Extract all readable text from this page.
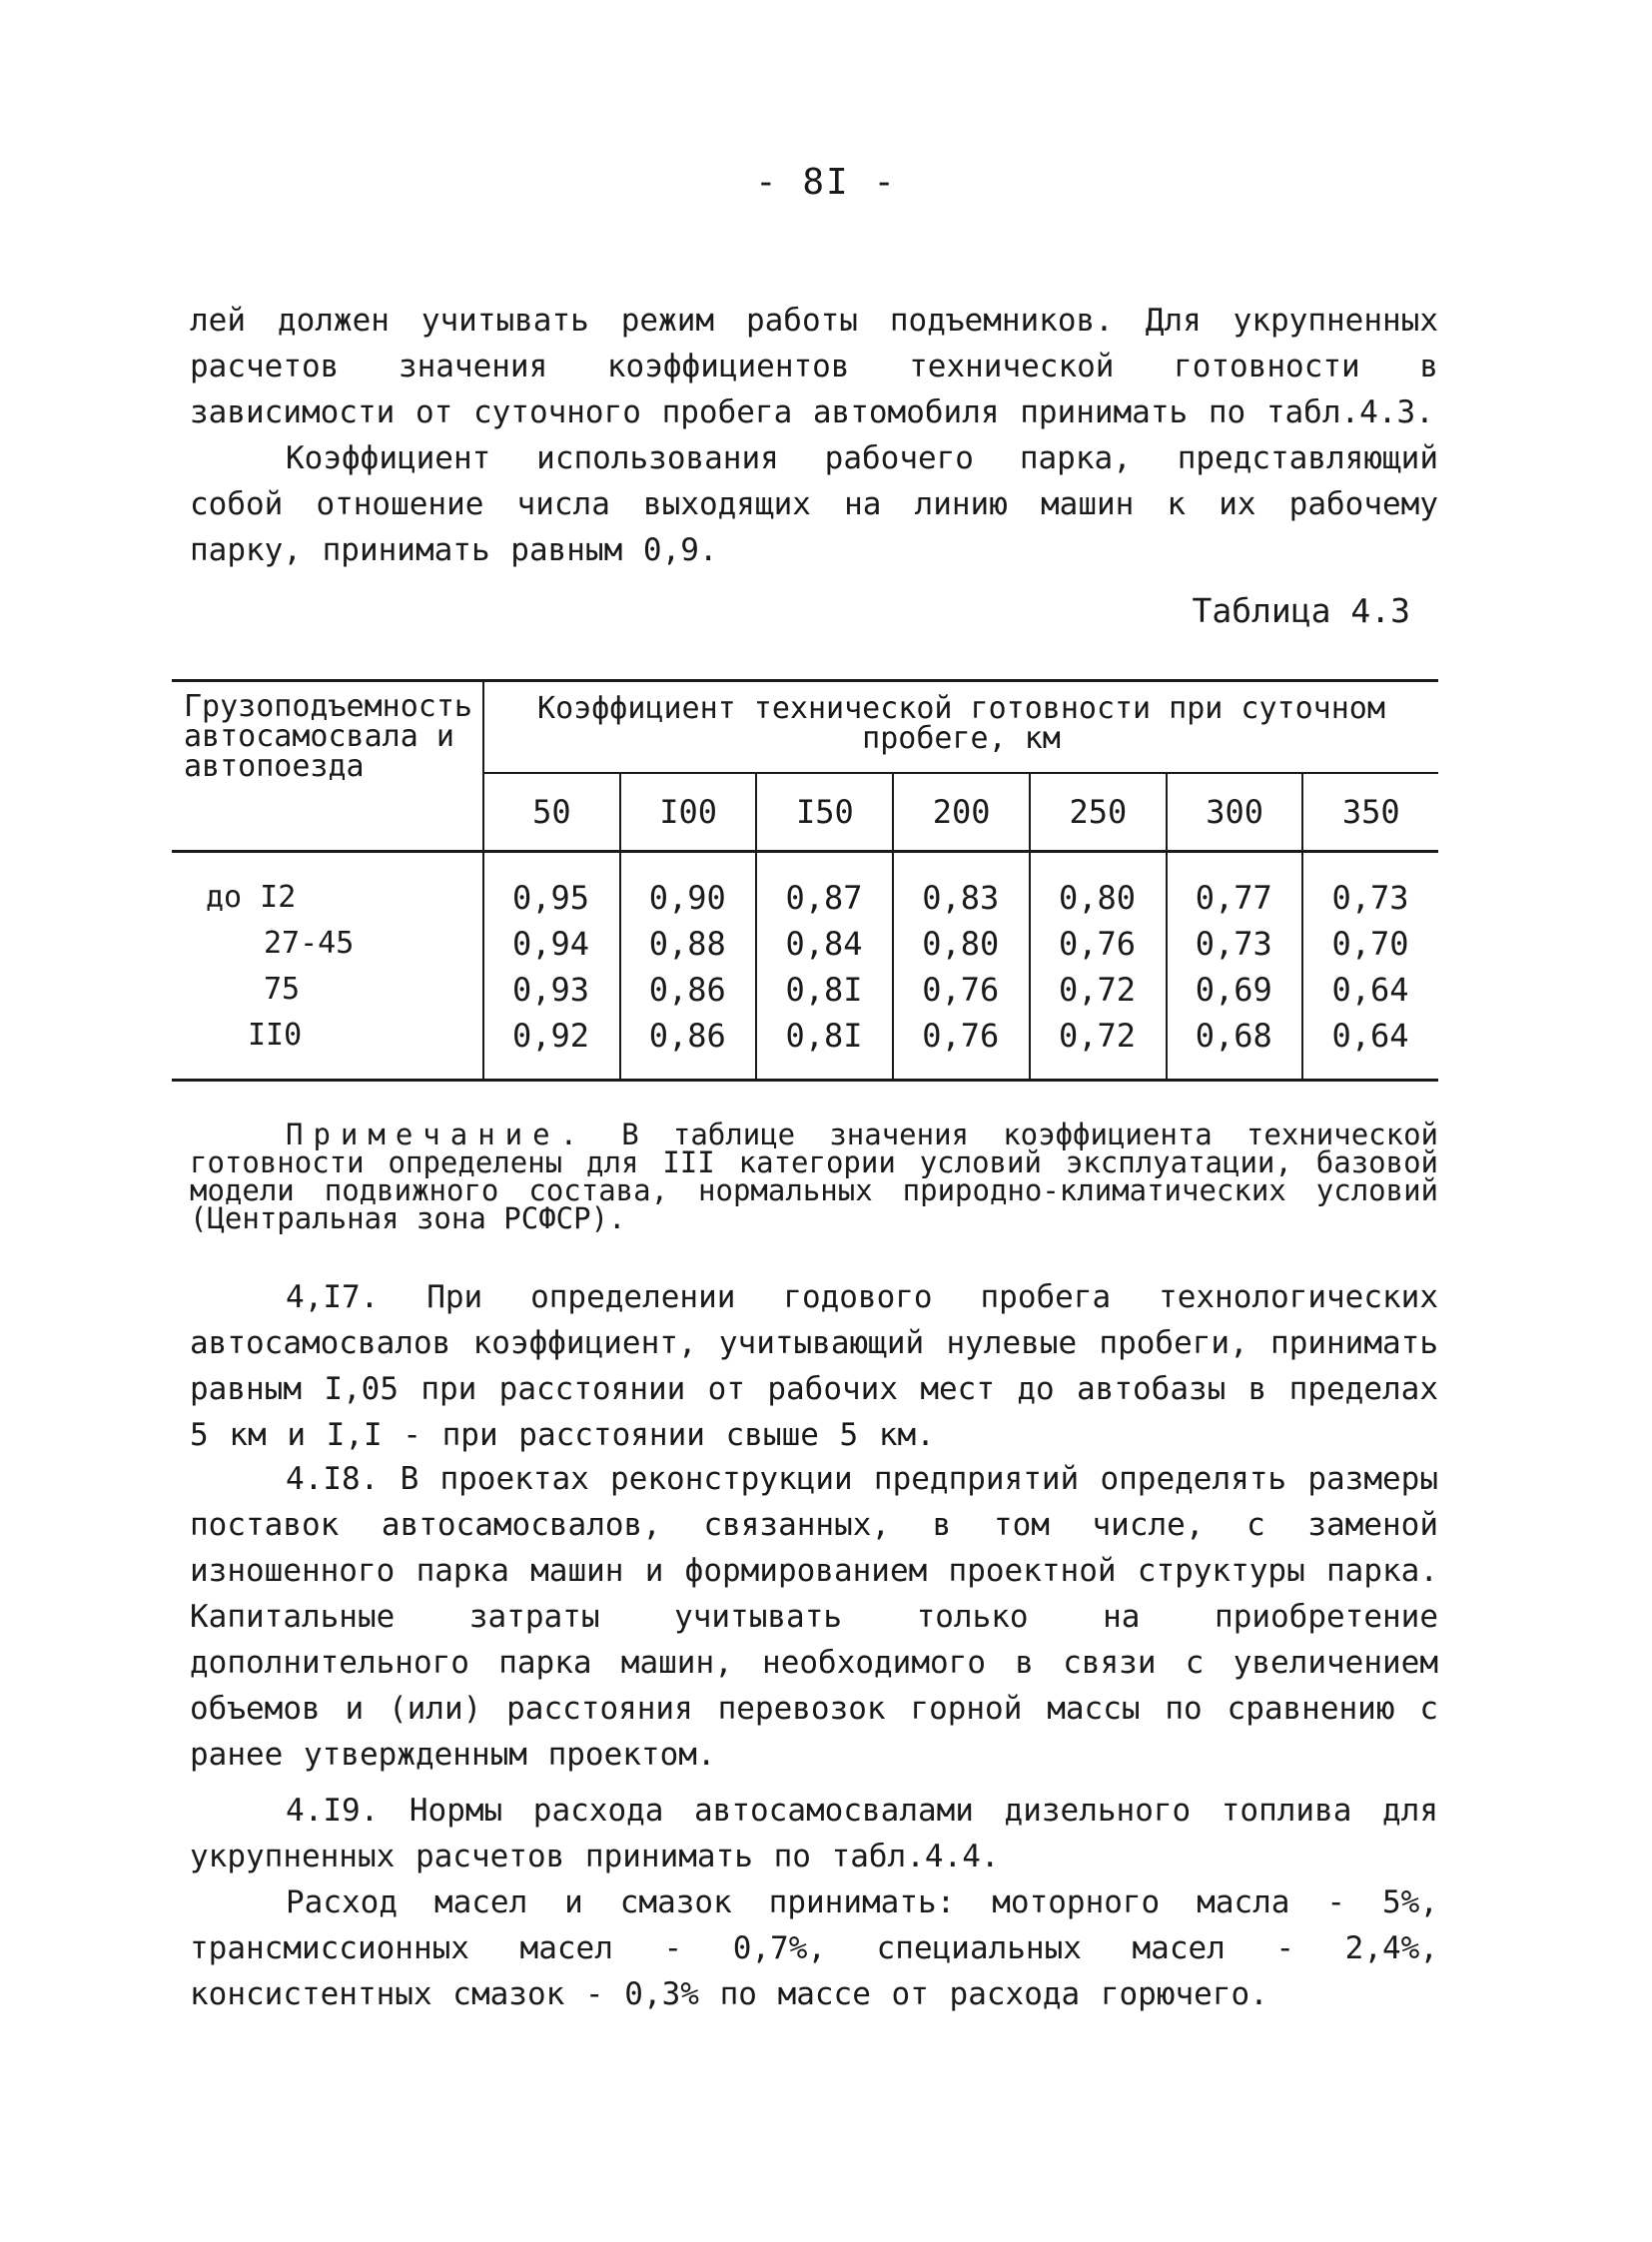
- 8I -

лей должен учитывать режим работы подъемников. Для укрупненных расчетов значения коэффициентов технической готовности в зависимости от суточного пробега автомобиля принимать по табл.4.3.

Коэффициент использования рабочего парка, представляющий собой отношение числа выходящих на линию машин к их рабочему парку, принимать равным 0,9.

Таблица 4.3
Грузоподъемность автосамосвала и автопоезда	Коэффициент технической готовности при суточном пробеге, км						
	50	I00	I50	200	250	300	350
до I2	0,95	0,90	0,87	0,83	0,80	0,77	0,73
27-45	0,94	0,88	0,84	0,80	0,76	0,73	0,70
75	0,93	0,86	0,8I	0,76	0,72	0,69	0,64
II0	0,92	0,86	0,8I	0,76	0,72	0,68	0,64

Примечание. В таблице значения коэффициента технической готовности определены для III категории условий эксплуатации, базовой модели подвижного состава, нормальных природно-климатических условий (Центральная зона РСФСР).

4,I7. При определении годового пробега технологических автосамосвалов коэффициент, учитывающий нулевые пробеги, принимать равным I,05 при расстоянии от рабочих мест до автобазы в пределах 5 км и I,I - при расстоянии свыше 5 км.

4.I8. В проектах реконструкции предприятий определять размеры поставок автосамосвалов, связанных, в том числе, с заменой изношенного парка машин и формированием проектной структуры парка. Капитальные затраты учитывать только на приобретение дополнительного парка машин, необходимого в связи с увеличением объемов и (или) расстояния перевозок горной массы по сравнению с ранее утвержденным проектом.

4.I9. Нормы расхода автосамосвалами дизельного топлива для укрупненных расчетов принимать по табл.4.4.

Расход масел и смазок принимать: моторного масла - 5%, трансмиссионных масел - 0,7%, специальных масел - 2,4%, консистентных смазок - 0,3% по массе от расхода горючего.
